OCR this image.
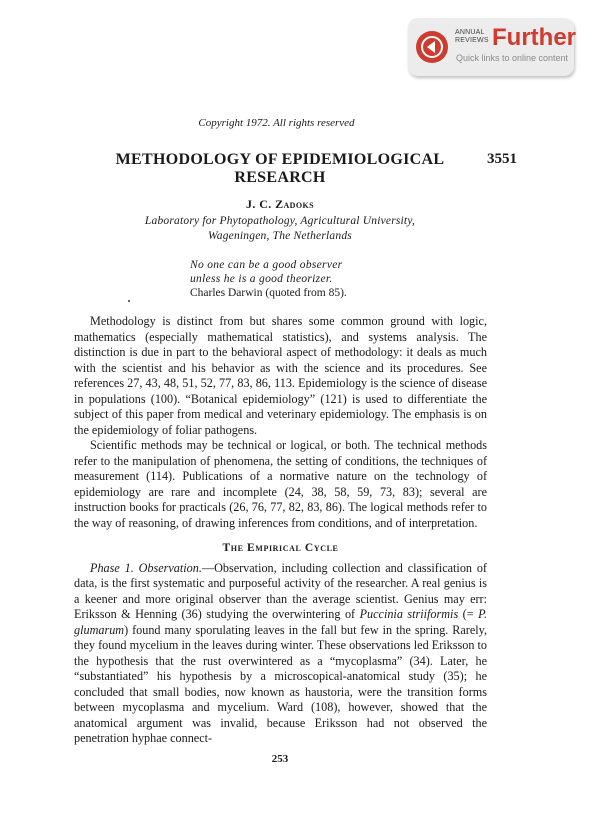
ANNUAL
REVIEWS Further
Quick links to online content
Copyright 1972. All rights reserved
METHODOLOGY OF EPIDEMIOLOGICAL
RESEARCH
3551
J. C. Zadoks
Laboratory for Phytopathology, Agricultural University,
Wageningen, The Netherlands
No one can be a good observer
unless he is a good theorizer.
Charles Darwin (quoted from 85).

Methodology is distinct from but shares some common ground with logic, mathematics (especially mathematical statistics), and systems analysis. The distinction is due in part to the behavioral aspect of methodology: it deals as much with the scientist and his behavior as with the science and its procedures. See references 27, 43, 48, 51, 52, 77, 83, 86, 113. Epidemiology is the science of disease in populations (100). “Botanical epidemiology” (121) is used to differentiate the subject of this paper from medical and veterinary epidemiology. The emphasis is on the epidemiology of foliar pathogens.

Scientific methods may be technical or logical, or both. The technical methods refer to the manipulation of phenomena, the setting of conditions, the techniques of measurement (114). Publications of a normative nature on the technology of epidemiology are rare and incomplete (24, 38, 58, 59, 73, 83); several are instruction books for practicals (26, 76, 77, 82, 83, 86). The logical methods refer to the way of reasoning, of drawing inferences from conditions, and of interpretation.

The Empirical Cycle

Phase 1. Observation.—Observation, including collection and classification of data, is the first systematic and purposeful activity of the researcher. A real genius is a keener and more original observer than the average scientist. Genius may err: Eriksson & Henning (36) studying the overwintering of Puccinia striiformis (= P. glumarum) found many sporulating leaves in the fall but few in the spring. Rarely, they found mycelium in the leaves during winter. These observations led Eriksson to the hypothesis that the rust overwintered as a “mycoplasma” (34). Later, he “substantiated” his hypothesis by a microscopical-anatomical study (35); he concluded that small bodies, now known as haustoria, were the transition forms between mycoplasma and mycelium. Ward (108), however, showed that the anatomical argument was invalid, because Eriksson had not observed the penetration hyphae connect-

253
